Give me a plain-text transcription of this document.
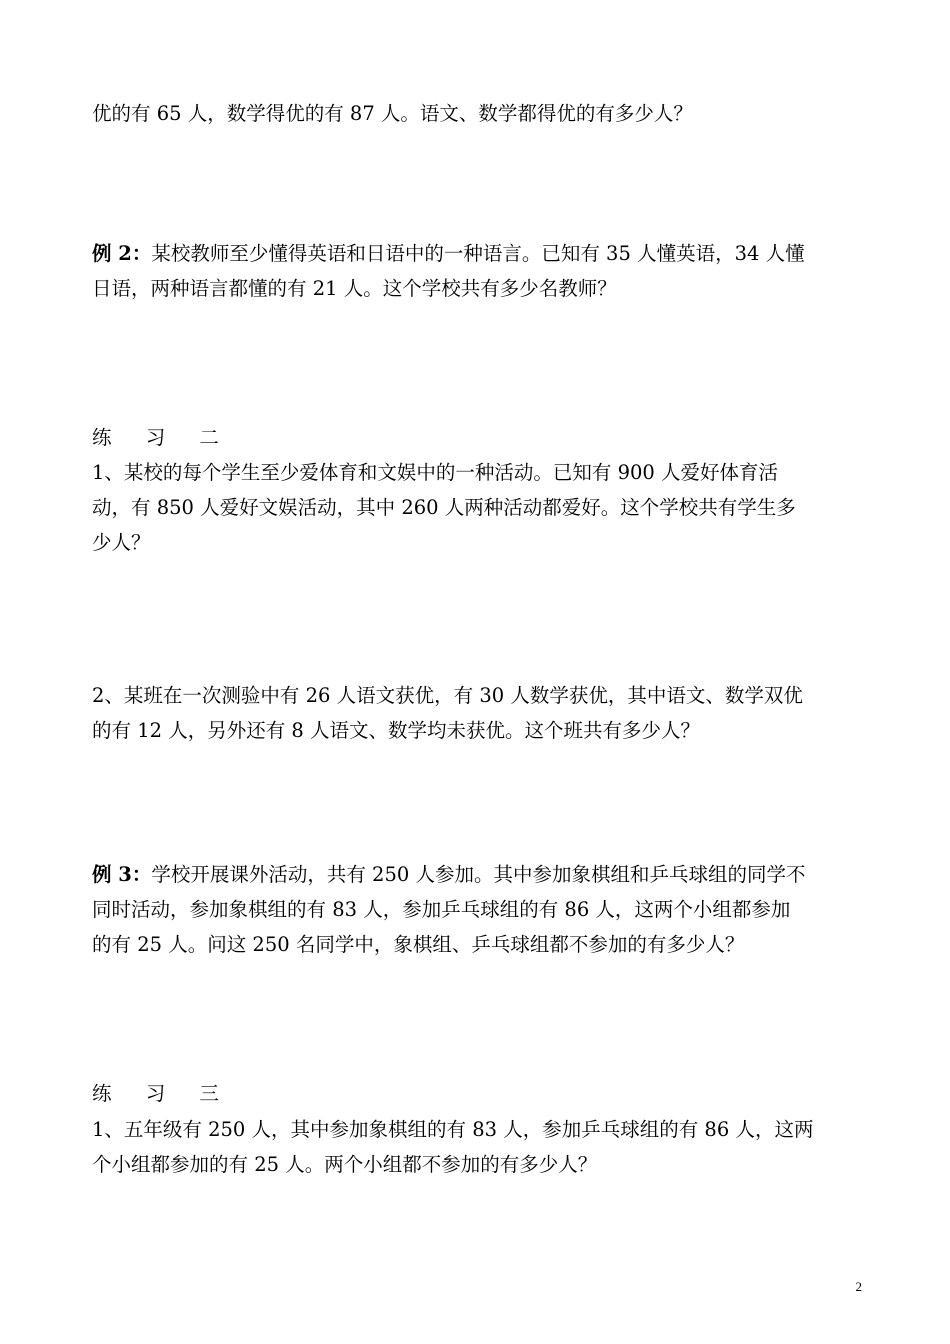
优的有 65 人，数学得优的有 87 人。语文、数学都得优的有多少人？

例 2：某校教师至少懂得英语和日语中的一种语言。已知有 35 人懂英语，34 人懂
日语，两种语言都懂的有 21 人。这个学校共有多少名教师？

练 习 二

1、某校的每个学生至少爱体育和文娱中的一种活动。已知有 900 人爱好体育活
动，有 850 人爱好文娱活动，其中 260 人两种活动都爱好。这个学校共有学生多
少人？

2、某班在一次测验中有 26 人语文获优，有 30 人数学获优，其中语文、数学双优
的有 12 人，另外还有 8 人语文、数学均未获优。这个班共有多少人？

例 3：学校开展课外活动，共有 250 人参加。其中参加象棋组和乒乓球组的同学不
同时活动，参加象棋组的有 83 人，参加乒乓球组的有 86 人，这两个小组都参加
的有 25 人。问这 250 名同学中，象棋组、乒乓球组都不参加的有多少人？

练 习 三

1、五年级有 250 人，其中参加象棋组的有 83 人，参加乒乓球组的有 86 人，这两
个小组都参加的有 25 人。两个小组都不参加的有多少人？

2
